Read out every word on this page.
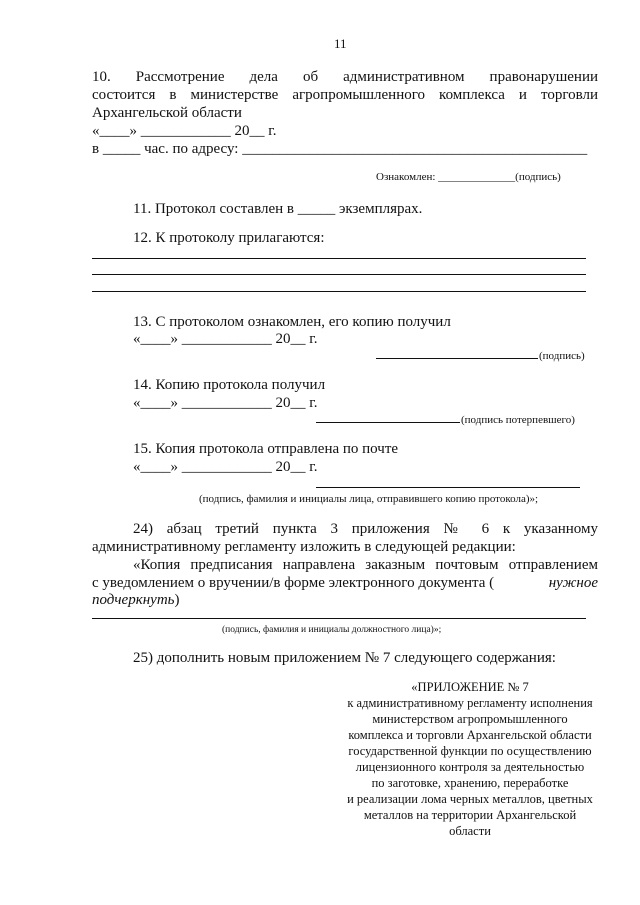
11
10. Рассмотрение дела об административном правонарушении
состоится в министерстве агропромышленного комплекса и торговли
Архангельской области
«____» ____________ 20__ г.
в _____ час. по адресу: ______________________________________________
Ознакомлен: ______________(подпись)
11. Протокол составлен в _____ экземплярах.
12. К протоколу прилагаются:
13. С протоколом ознакомлен, его копию получил
«____» ____________ 20__ г.
(подпись)
14. Копию протокола получил
«____» ____________ 20__ г.
(подпись потерпевшего)
15. Копия протокола отправлена по почте
«____» ____________ 20__ г.
(подпись, фамилия и инициалы лица, отправившего копию протокола)»;
24) абзац третий пункта 3 приложения № 6 к указанному
административному регламенту изложить в следующей редакции:
«Копия предписания направлена заказным почтовым отправлением
с уведомлением о вручении/в форме электронного документа (	нужное
подчеркнуть)
(подпись, фамилия и инициалы должностного лица)»;
25) дополнить новым приложением № 7 следующего содержания:
«ПРИЛОЖЕНИЕ № 7
к административному регламенту исполнения
министерством агропромышленного
комплекса и торговли Архангельской области
государственной функции по осуществлению
лицензионного контроля за деятельностью
по заготовке, хранению, переработке
и реализации лома черных металлов, цветных
металлов на территории Архангельской
области
